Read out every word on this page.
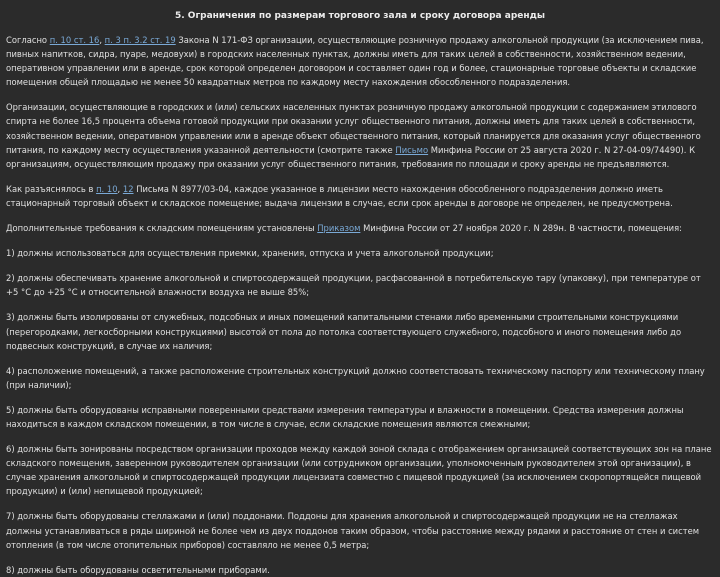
5. Ограничения по размерам торгового зала и сроку договора аренды

Согласно п. 10 ст. 16, п. 3 п. 3.2 ст. 19 Закона N 171-ФЗ организации, осуществляющие розничную продажу алкогольной продукции (за исключением пива, пивных напитков, сидра, пуаре, медовухи) в городских населенных пунктах, должны иметь для таких целей в собственности, хозяйственном ведении, оперативном управлении или в аренде, срок которой определен договором и составляет один год и более, стационарные торговые объекты и складские помещения общей площадью не менее 50 квадратных метров по каждому месту нахождения обособленного подразделения.

Организации, осуществляющие в городских и (или) сельских населенных пунктах розничную продажу алкогольной продукции с содержанием этилового спирта не более 16,5 процента объема готовой продукции при оказании услуг общественного питания, должны иметь для таких целей в собственности, хозяйственном ведении, оперативном управлении или в аренде объект общественного питания, который планируется для оказания услуг общественного питания, по каждому месту осуществления указанной деятельности (смотрите также Письмо Минфина России от 25 августа 2020 г. N 27-04-09/74490). К организациям, осуществляющим продажу при оказании услуг общественного питания, требования по площади и сроку аренды не предъявляются.

Как разъяснялось в п. 10, 12 Письма N 8977/03-04, каждое указанное в лицензии место нахождения обособленного подразделения должно иметь стационарный торговый объект и складское помещение; выдача лицензии в случае, если срок аренды в договоре не определен, не предусмотрена.

Дополнительные требования к складским помещениям установлены Приказом Минфина России от 27 ноября 2020 г. N 289н. В частности, помещения:

1) должны использоваться для осуществления приемки, хранения, отпуска и учета алкогольной продукции;

2) должны обеспечивать хранение алкогольной и спиртосодержащей продукции, расфасованной в потребительскую тару (упаковку), при температуре от +5 °C до +25 °C и относительной влажности воздуха не выше 85%;

3) должны быть изолированы от служебных, подсобных и иных помещений капитальными стенами либо временными строительными конструкциями (перегородками, легкосборными конструкциями) высотой от пола до потолка соответствующего служебного, подсобного и иного помещения либо до подвесных конструкций, в случае их наличия;

4) расположение помещений, а также расположение строительных конструкций должно соответствовать техническому паспорту или техническому плану (при наличии);

5) должны быть оборудованы исправными поверенными средствами измерения температуры и влажности в помещении. Средства измерения должны находиться в каждом складском помещении, в том числе в случае, если складские помещения являются смежными;

6) должны быть зонированы посредством организации проходов между каждой зоной склада с отображением организацией соответствующих зон на плане складского помещения, заверенном руководителем организации (или сотрудником организации, уполномоченным руководителем этой организации), в случае хранения алкогольной и спиртосодержащей продукции лицензиата совместно с пищевой продукцией (за исключением скоропортящейся пищевой продукции) и (или) непищевой продукцией;

7) должны быть оборудованы стеллажами и (или) поддонами. Поддоны для хранения алкогольной и спиртосодержащей продукции не на стеллажах должны устанавливаться в ряды шириной не более чем из двух поддонов таким образом, чтобы расстояние между рядами и расстояние от стен и систем отопления (в том числе отопительных приборов) составляло не менее 0,5 метра;

8) должны быть оборудованы осветительными приборами.
